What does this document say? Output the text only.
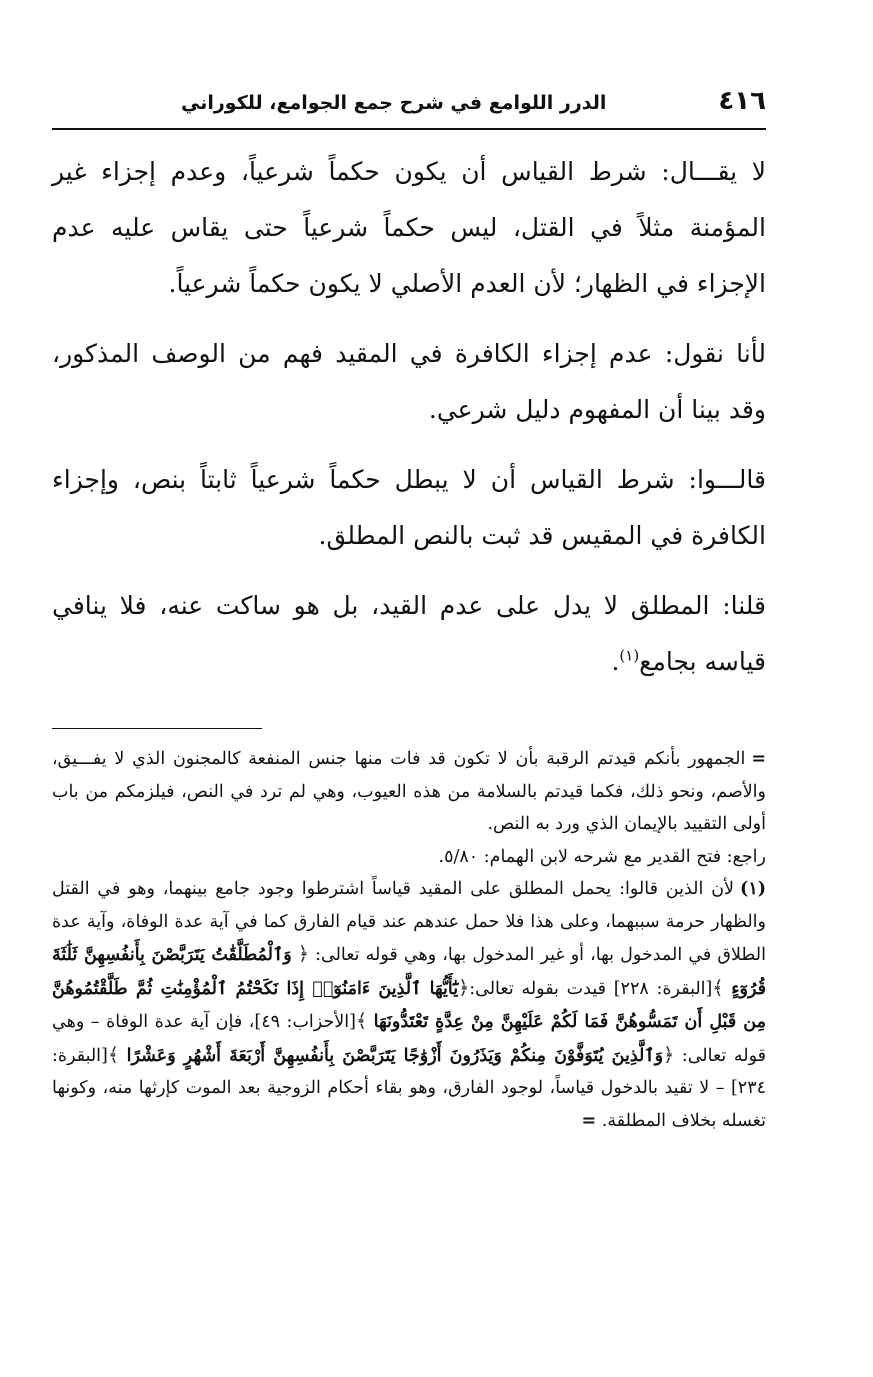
٤١٦
الدرر اللوامع في شرح جمع الجوامع، للكوراني

لا يقـــال: شرط القياس أن يكون حكماً شرعياً، وعدم إجزاء غير المؤمنة مثلاً في القتل، ليس حكماً شرعياً حتى يقاس عليه عدم الإجزاء في الظهار؛ لأن العدم الأصلي لا يكون حكماً شرعياً.

لأنا نقول: عدم إجزاء الكافرة في المقيد فهم من الوصف المذكور، وقد بينا أن المفهوم دليل شرعي.

قالـــوا: شرط القياس أن لا يبطل حكماً شرعياً ثابتاً بنص، وإجزاء الكافرة في المقيس قد ثبت بالنص المطلق.

قلنا: المطلق لا يدل على عدم القيد، بل هو ساكت عنه، فلا ينافي قياسه بجامع$^{(١)}$.

=الجمهور بأنكم قيدتم الرقبة بأن لا تكون قد فات منها جنس المنفعة كالمجنون الذي لا يفـــيق، والأصم، ونحو ذلك، فكما قيدتم بالسلامة من هذه العيوب، وهي لم ترد في النص، فيلزمكم من باب أولى التقييد بالإيمان الذي ورد به النص.

راجع: فتح القدير مع شرحه لابن الهمام: ٥/٨٠.

(١)لأن الذين قالوا: يحمل المطلق على المقيد قياساً اشترطوا وجود جامع بينهما، وهو في القتل والظهار حرمة سببهما، وعلى هذا فلا حمل عندهم عند قيام الفارق كما في آية عدة الوفاة، وآية عدة الطلاق في المدخول بها، أو غير المدخول بها، وهي قوله تعالى: ﴿ وَٱلْمُطَلَّقَٰتُ يَتَرَبَّصْنَ بِأَنفُسِهِنَّ ثَلَٰثَةَ قُرُوٓءٍ ﴾[البقرة: ٢٢٨] قيدت بقوله تعالى:﴿يَٰٓأَيُّهَا ٱلَّذِينَ ءَامَنُوٓا۟ إِذَا نَكَحْتُمُ ٱلْمُؤْمِنَٰتِ ثُمَّ طَلَّقْتُمُوهُنَّ مِن قَبْلِ أَن تَمَسُّوهُنَّ فَمَا لَكُمْ عَلَيْهِنَّ مِنْ عِدَّةٍ تَعْتَدُّونَهَا ﴾[الأحزاب: ٤٩]، فإن آية عدة الوفاة – وهي قوله تعالى: ﴿وَٱلَّذِينَ يُتَوَفَّوْنَ مِنكُمْ وَيَذَرُونَ أَزْوَٰجًا يَتَرَبَّصْنَ بِأَنفُسِهِنَّ أَرْبَعَةَ أَشْهُرٍ وَعَشْرًا ﴾[البقرة: ٢٣٤] – لا تقيد بالدخول قياساً، لوجود الفارق، وهو بقاء أحكام الزوجية بعد الموت كإرثها منه، وكونها تغسله بخلاف المطلقة. =
